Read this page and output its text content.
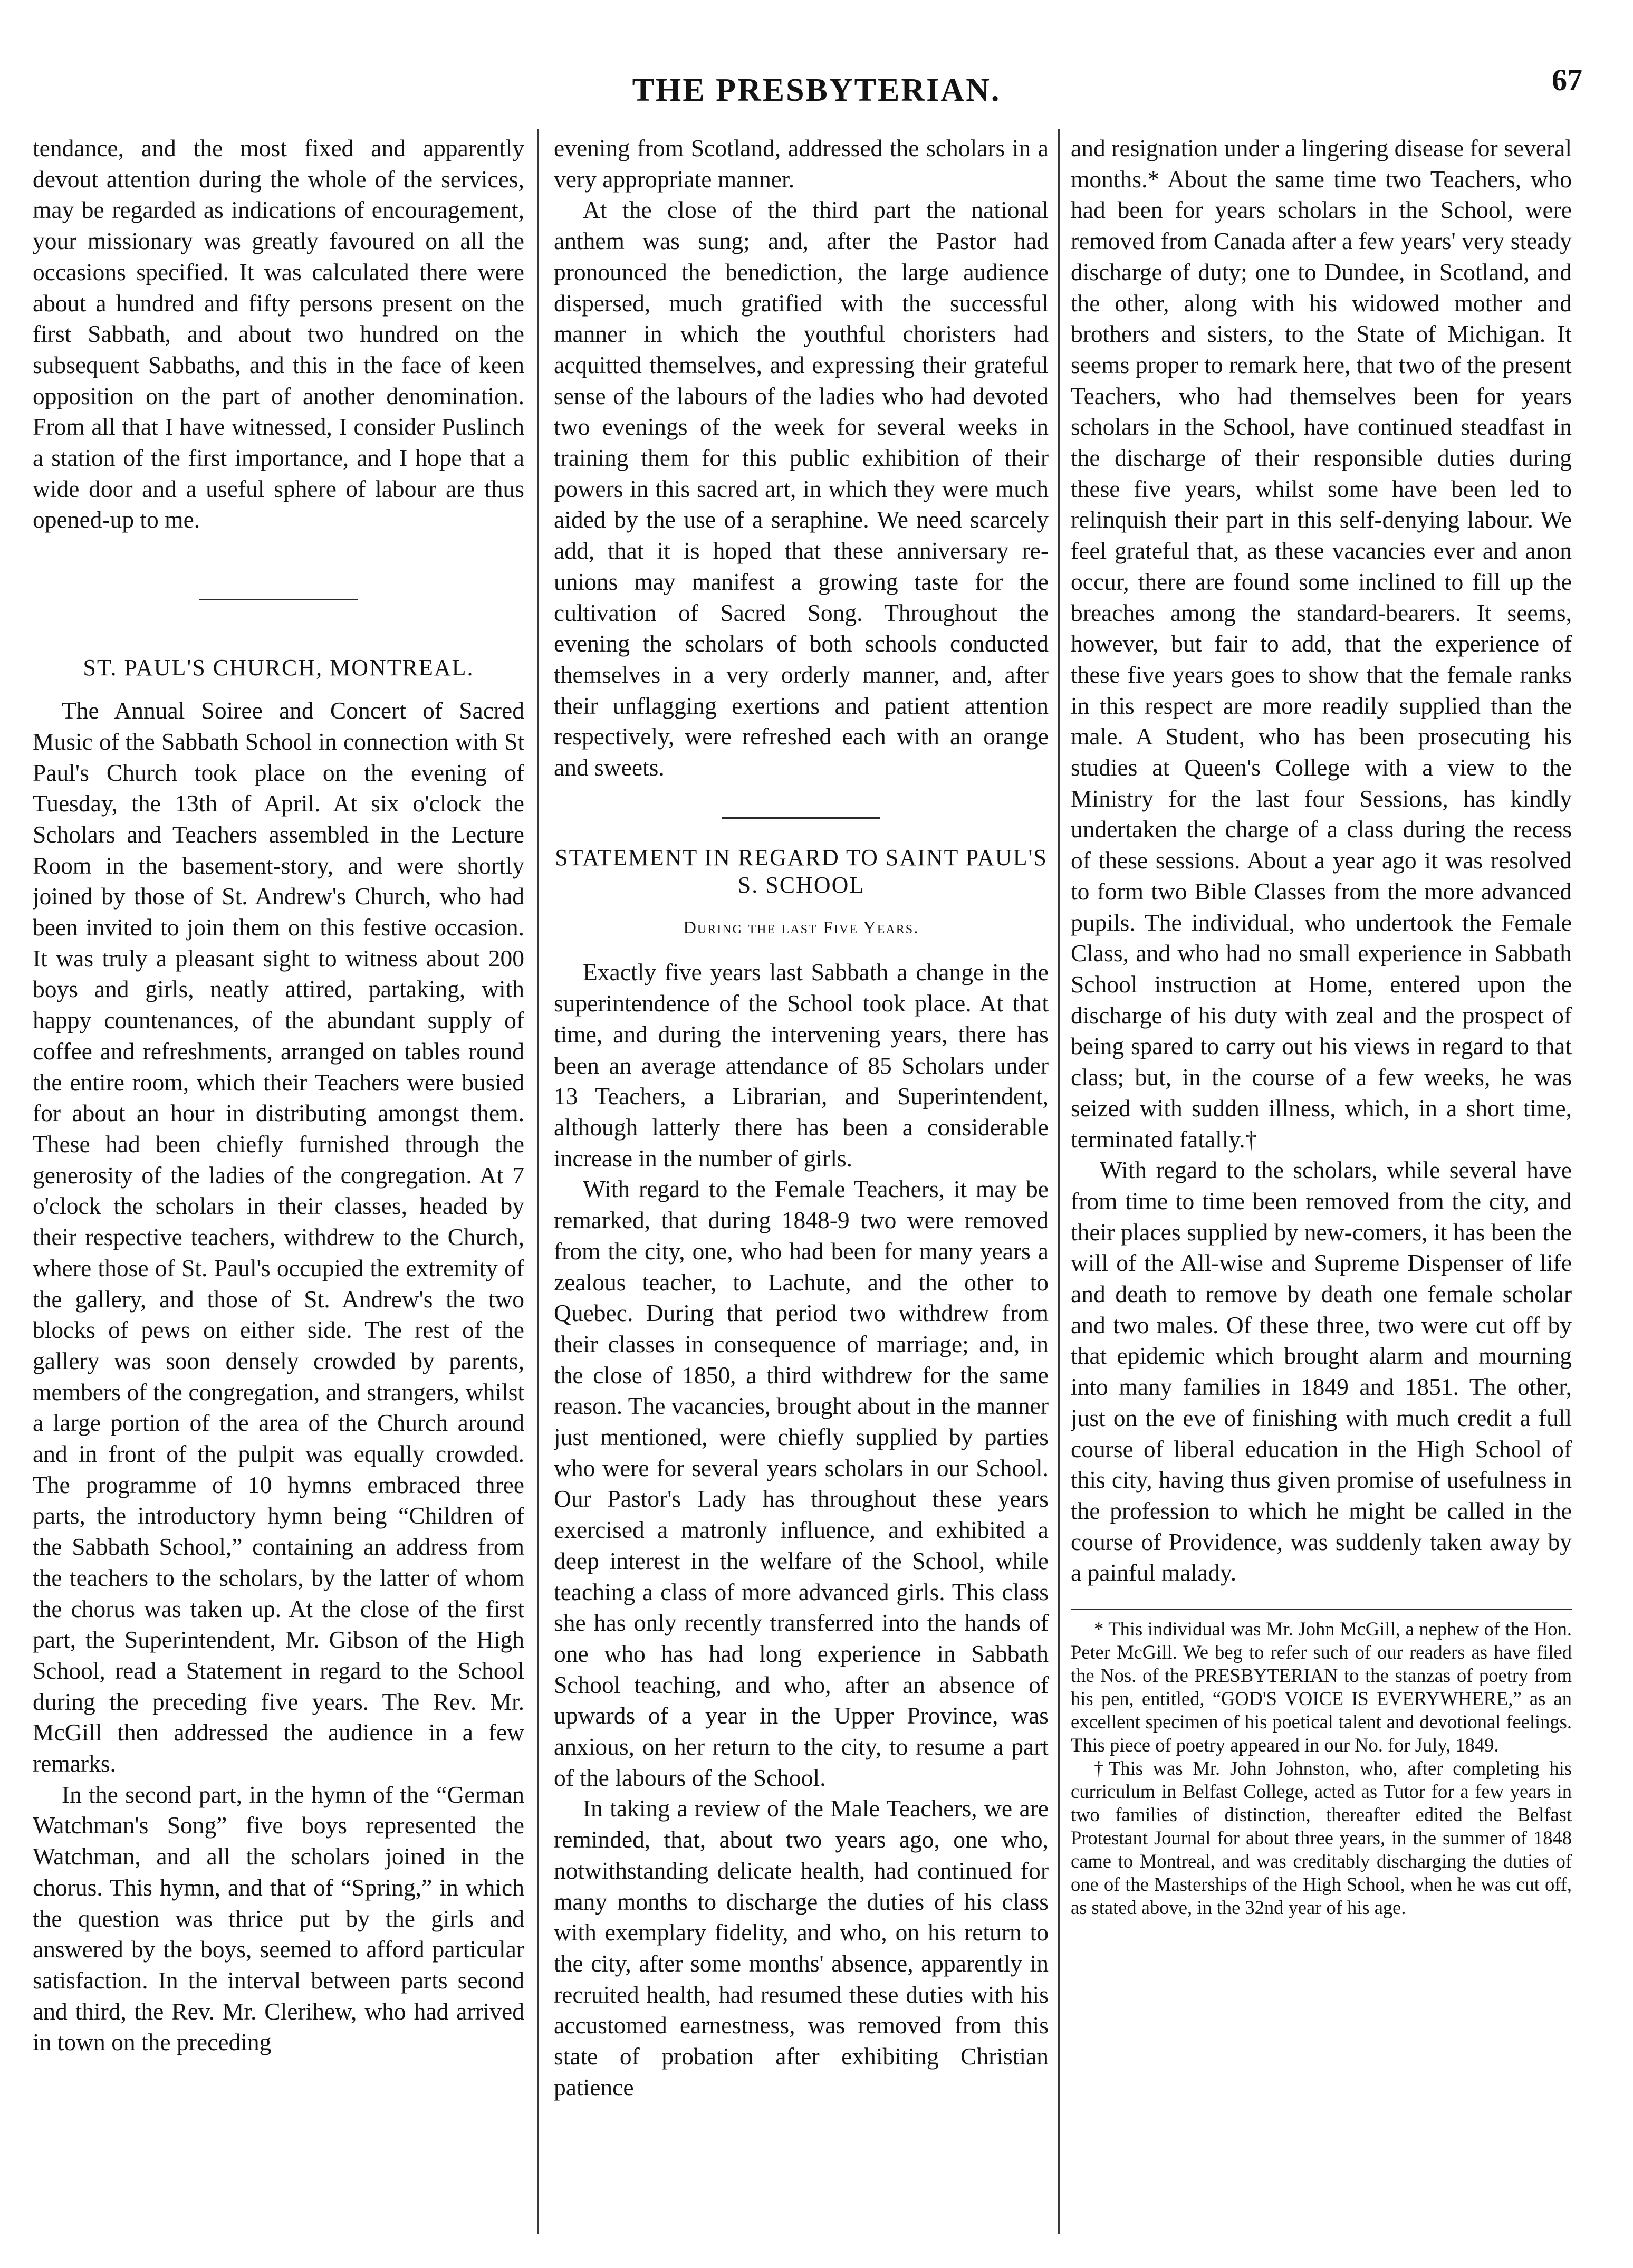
THE PRESBYTERIAN.	67

tendance, and the most fixed and apparently devout attention during the whole of the services, may be regarded as indications of encouragement, your missionary was greatly favoured on all the occasions specified. It was calculated there were about a hundred and fifty persons present on the first Sabbath, and about two hundred on the subsequent Sabbaths, and this in the face of keen opposition on the part of another denomination. From all that I have witnessed, I consider Puslinch a station of the first importance, and I hope that a wide door and a useful sphere of labour are thus opened-up to me.

ST. PAUL'S CHURCH, MONTREAL.

The Annual Soiree and Concert of Sacred Music of the Sabbath School in connection with St Paul's Church took place on the evening of Tuesday, the 13th of April. At six o'clock the Scholars and Teachers assembled in the Lecture Room in the basement-story, and were shortly joined by those of St. Andrew's Church, who had been invited to join them on this festive occasion. It was truly a pleasant sight to witness about 200 boys and girls, neatly attired, partaking, with happy countenances, of the abundant supply of coffee and refreshments, arranged on tables round the entire room, which their Teachers were busied for about an hour in distributing amongst them. These had been chiefly furnished through the generosity of the ladies of the congregation. At 7 o'clock the scholars in their classes, headed by their respective teachers, withdrew to the Church, where those of St. Paul's occupied the extremity of the gallery, and those of St. Andrew's the two blocks of pews on either side. The rest of the gallery was soon densely crowded by parents, members of the congregation, and strangers, whilst a large portion of the area of the Church around and in front of the pulpit was equally crowded. The programme of 10 hymns embraced three parts, the introductory hymn being “Children of the Sabbath School,” containing an address from the teachers to the scholars, by the latter of whom the chorus was taken up. At the close of the first part, the Superintendent, Mr. Gibson of the High School, read a Statement in regard to the School during the preceding five years. The Rev. Mr. McGill then addressed the audience in a few remarks.

In the second part, in the hymn of the “German Watchman's Song” five boys represented the Watchman, and all the scholars joined in the chorus. This hymn, and that of “Spring,” in which the question was thrice put by the girls and answered by the boys, seemed to afford particular satisfaction. In the interval between parts second and third, the Rev. Mr. Clerihew, who had arrived in town on the preceding

evening from Scotland, addressed the scholars in a very appropriate manner.

At the close of the third part the national anthem was sung; and, after the Pastor had pronounced the benediction, the large audience dispersed, much gratified with the successful manner in which the youthful choristers had acquitted themselves, and expressing their grateful sense of the labours of the ladies who had devoted two evenings of the week for several weeks in training them for this public exhibition of their powers in this sacred art, in which they were much aided by the use of a seraphine. We need scarcely add, that it is hoped that these anniversary re-unions may manifest a growing taste for the cultivation of Sacred Song. Throughout the evening the scholars of both schools conducted themselves in a very orderly manner, and, after their unflagging exertions and patient attention respectively, were refreshed each with an orange and sweets.

STATEMENT IN REGARD TO SAINT PAUL'S S. SCHOOL
During the last Five Years.

Exactly five years last Sabbath a change in the superintendence of the School took place. At that time, and during the intervening years, there has been an average attendance of 85 Scholars under 13 Teachers, a Librarian, and Superintendent, although latterly there has been a considerable increase in the number of girls.

With regard to the Female Teachers, it may be remarked, that during 1848-9 two were removed from the city, one, who had been for many years a zealous teacher, to Lachute, and the other to Quebec. During that period two withdrew from their classes in consequence of marriage; and, in the close of 1850, a third withdrew for the same reason. The vacancies, brought about in the manner just mentioned, were chiefly supplied by parties who were for several years scholars in our School. Our Pastor's Lady has throughout these years exercised a matronly influence, and exhibited a deep interest in the welfare of the School, while teaching a class of more advanced girls. This class she has only recently transferred into the hands of one who has had long experience in Sabbath School teaching, and who, after an absence of upwards of a year in the Upper Province, was anxious, on her return to the city, to resume a part of the labours of the School.

In taking a review of the Male Teachers, we are reminded, that, about two years ago, one who, notwithstanding delicate health, had continued for many months to discharge the duties of his class with exemplary fidelity, and who, on his return to the city, after some months' absence, apparently in recruited health, had resumed these duties with his accustomed earnestness, was removed from this state of probation after exhibiting Christian patience

and resignation under a lingering disease for several months.* About the same time two Teachers, who had been for years scholars in the School, were removed from Canada after a few years' very steady discharge of duty; one to Dundee, in Scotland, and the other, along with his widowed mother and brothers and sisters, to the State of Michigan. It seems proper to remark here, that two of the present Teachers, who had themselves been for years scholars in the School, have continued steadfast in the discharge of their responsible duties during these five years, whilst some have been led to relinquish their part in this self-denying labour. We feel grateful that, as these vacancies ever and anon occur, there are found some inclined to fill up the breaches among the standard-bearers. It seems, however, but fair to add, that the experience of these five years goes to show that the female ranks in this respect are more readily supplied than the male. A Student, who has been prosecuting his studies at Queen's College with a view to the Ministry for the last four Sessions, has kindly undertaken the charge of a class during the recess of these sessions. About a year ago it was resolved to form two Bible Classes from the more advanced pupils. The individual, who undertook the Female Class, and who had no small experience in Sabbath School instruction at Home, entered upon the discharge of his duty with zeal and the prospect of being spared to carry out his views in regard to that class; but, in the course of a few weeks, he was seized with sudden illness, which, in a short time, terminated fatally.†

With regard to the scholars, while several have from time to time been removed from the city, and their places supplied by new-comers, it has been the will of the All-wise and Supreme Dispenser of life and death to remove by death one female scholar and two males. Of these three, two were cut off by that epidemic which brought alarm and mourning into many families in 1849 and 1851. The other, just on the eve of finishing with much credit a full course of liberal education in the High School of this city, having thus given promise of usefulness in the profession to which he might be called in the course of Providence, was suddenly taken away by a painful malady.

* This individual was Mr. John McGill, a nephew of the Hon. Peter McGill. We beg to refer such of our readers as have filed the Nos. of the PRESBYTERIAN to the stanzas of poetry from his pen, entitled, “GOD'S VOICE IS EVERYWHERE,” as an excellent specimen of his poetical talent and devotional feelings. This piece of poetry appeared in our No. for July, 1849.

†This was Mr. John Johnston, who, after completing his curriculum in Belfast College, acted as Tutor for a few years in two families of distinction, thereafter edited the Belfast Protestant Journal for about three years, in the summer of 1848 came to Montreal, and was creditably discharging the duties of one of the Masterships of the High School, when he was cut off, as stated above, in the 32nd year of his age.
